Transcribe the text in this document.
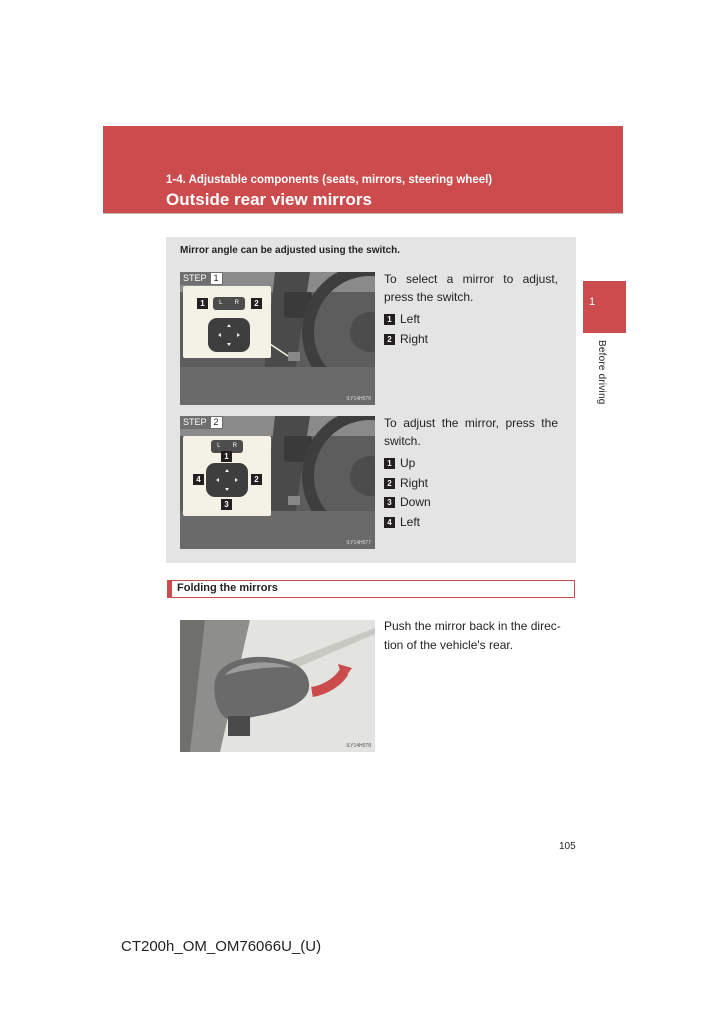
1-4. Adjustable components (seats, mirrors, steering wheel)
Outside rear view mirrors
1
Before driving
Mirror angle can be adjusted using the switch.
STEP 1
1	L R	2
ILY14H076
To select a mirror to adjust, press the switch.
1 Left
2 Right
STEP 2
L R
1
2
3
4
ILY14H077
To adjust the mirror, press the switch.
1 Up
2 Right
3 Down
4 Left
Folding the mirrors
ILY14H078
Push the mirror back in the direc-tion of the vehicle's rear.
105
CT200h_OM_OM76066U_(U)
